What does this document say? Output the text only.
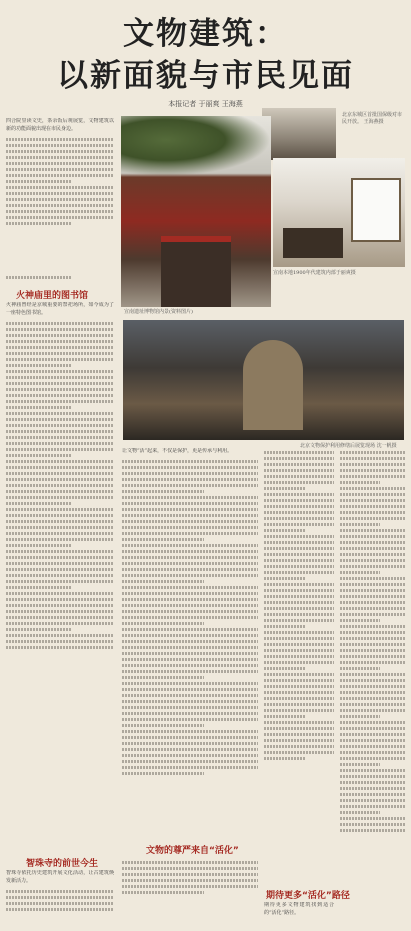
文物建筑：
以新面貌与市民见面
本报记者 于丽爽 王海燕
北京东城区首批国保级对市民开放。 王海燕摄
宣南遗址博物馆内景(资料图片)
宣南本地1900年代建筑内部于丽爽摄
北京文物保护利用修缮后展览现场 沈一帆摄

四合院里读文史，茶余饭后观展览，文物建筑以新的功能面貌出现在市民身边。

火神庙里的图书馆

火神庙曾经是京城重要的祭祀场所，如今成为了一座特色图书馆。

智珠寺的前世今生

智珠寺依托历史建筑开展文化活动，让古建筑焕发新活力。

让文物“活”起来，不仅是保护，更是传承与利用。

文物的尊严来自“活化”
期待更多“活化”路径

期待更多文物建筑找到适合的“活化”路径。
